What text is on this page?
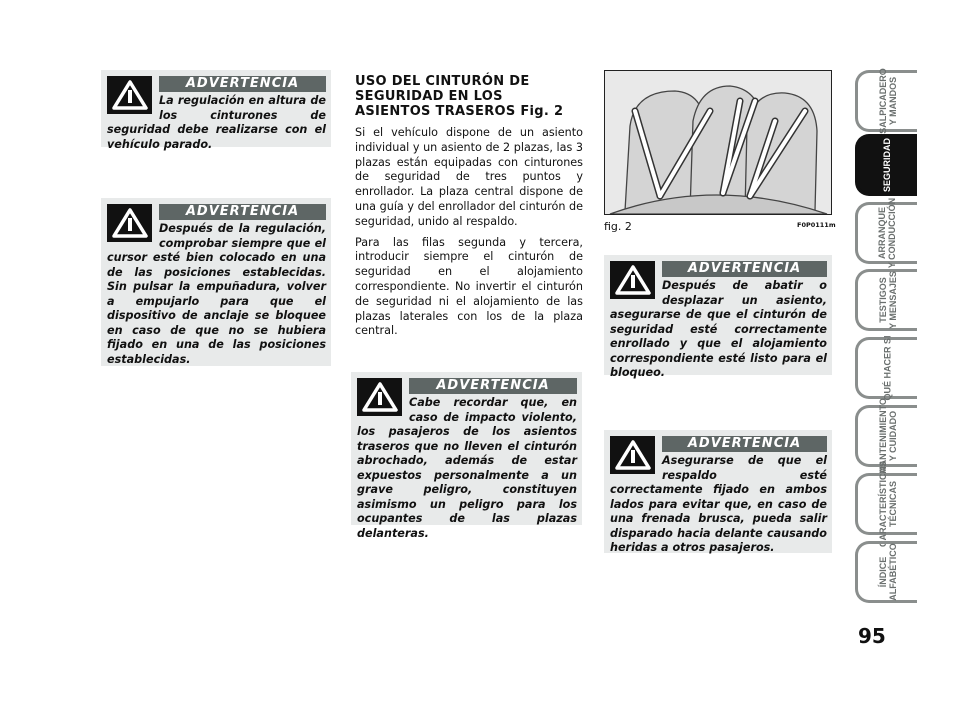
USO DEL CINTURÓN DE SEGURIDAD EN LOS ASIENTOS TRASEROS Fig. 2

Si el vehículo dispone de un asiento individual y un asiento de 2 plazas, las 3 plazas están equipadas con cinturones de seguridad de tres puntos y enrollador. La plaza central dispone de una guía y del enrollador del cinturón de seguridad, unido al respaldo.

Para las filas segunda y tercera, introducir siempre el cinturón de seguridad en el alojamiento correspondiente. No invertir el cinturón de seguridad ni el alojamiento de las plazas laterales con los de la plaza central.

fig. 2	F0P0111m
ADVERTENCIA
La regulación en altura de los cinturones de seguridad debe realizarse con el vehículo parado.
ADVERTENCIA
Después de la regulación, comprobar siempre que el cursor esté bien colocado en una de las posiciones establecidas. Sin pulsar la empuñadura, volver a empujarlo para que el dispositivo de anclaje se bloquee en caso de que no se hubiera fijado en una de las posiciones establecidas.
ADVERTENCIA
Cabe recordar que, en caso de impacto violento, los pasajeros de los asientos traseros que no lleven el cinturón abrochado, además de estar expuestos personalmente a un grave peligro, constituyen asimismo un peligro para los ocupantes de las plazas delanteras.
ADVERTENCIA
Después de abatir o desplazar un asiento, asegurarse de que el cinturón de seguridad esté correctamente enrollado y que el alojamiento correspondiente esté listo para el bloqueo.
ADVERTENCIA
Asegurarse de que el respaldo esté correctamente fijado en ambos lados para evitar que, en caso de una frenada brusca, pueda salir disparado hacia delante causando heridas a otros pasajeros.
SALPICADERO
Y MANDOS
SEGURIDAD
ARRANQUE
Y CONDUCCIÓN
TESTIGOS
Y MENSAJES
QUÉ HACER SI
MANTENIMIENTO
Y CUIDADO
CARACTERÍSTICAS
TÉCNICAS
ÍNDICE
ALFABÉTICO
95
